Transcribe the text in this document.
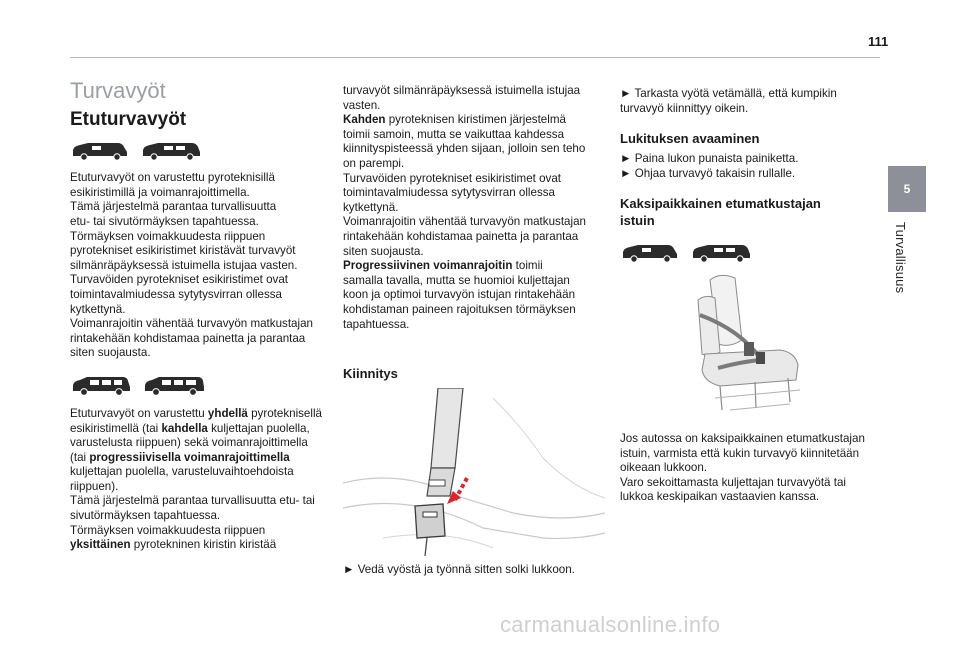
111
5
Turvallisuus
Turvavyöt
Etuturvavyöt

Etuturvavyöt on varustettu pyroteknisillä

esikiristimillä ja voimanrajoittimella.

Tämä järjestelmä parantaa turvallisuutta

etu- tai sivutörmäyksen tapahtuessa.

Törmäyksen voimakkuudesta riippuen

pyrotekniset esikiristimet kiristävät turvavyöt

silmänräpäyksessä istuimella istujaa vasten.

Turvavöiden pyrotekniset esikiristimet ovat

toimintavalmiudessa sytytysvirran ollessa

kytkettynä.

Voimanrajoitin vähentää turvavyön matkustajan

rintakehään kohdistamaa painetta ja parantaa

siten suojausta.

Etuturvavyöt on varustettu yhdellä pyroteknisellä

esikiristimellä (tai kahdella kuljettajan puolella,

varustelusta riippuen) sekä voimanrajoittimella

(tai progressiivisella voimanrajoittimella

kuljettajan puolella, varusteluvaihtoehdoista

riippuen).

Tämä järjestelmä parantaa turvallisuutta etu- tai

sivutörmäyksen tapahtuessa.

Törmäyksen voimakkuudesta riippuen

yksittäinen pyrotekninen kiristin kiristää

turvavyöt silmänräpäyksessä istuimella istujaa

vasten.

Kahden pyroteknisen kiristimen järjestelmä

toimii samoin, mutta se vaikuttaa kahdessa

kiinnityspisteessä yhden sijaan, jolloin sen teho

on parempi.

Turvavöiden pyrotekniset esikiristimet ovat

toimintavalmiudessa sytytysvirran ollessa

kytkettynä.

Voimanrajoitin vähentää turvavyön matkustajan

rintakehään kohdistamaa painetta ja parantaa

siten suojausta.

Progressiivinen voimanrajoitin toimii

samalla tavalla, mutta se huomioi kuljettajan

koon ja optimoi turvavyön istujan rintakehään

kohdistaman paineen rajoituksen törmäyksen

tapahtuessa.

Kiinnitys

► Vedä vyöstä ja työnnä sitten solki lukkoon.

► Tarkasta vyötä vetämällä, että kumpikin

turvavyö kiinnittyy oikein.

Lukituksen avaaminen

► Paina lukon punaista painiketta.

► Ohjaa turvavyö takaisin rullalle.

Kaksipaikkainen etumatkustajan
istuin

Jos autossa on kaksipaikkainen etumatkustajan

istuin, varmista että kukin turvavyö kiinnitetään

oikeaan lukkoon.

Varo sekoittamasta kuljettajan turvavyötä tai

lukkoa keskipaikan vastaavien kanssa.

carmanualsonline.info
